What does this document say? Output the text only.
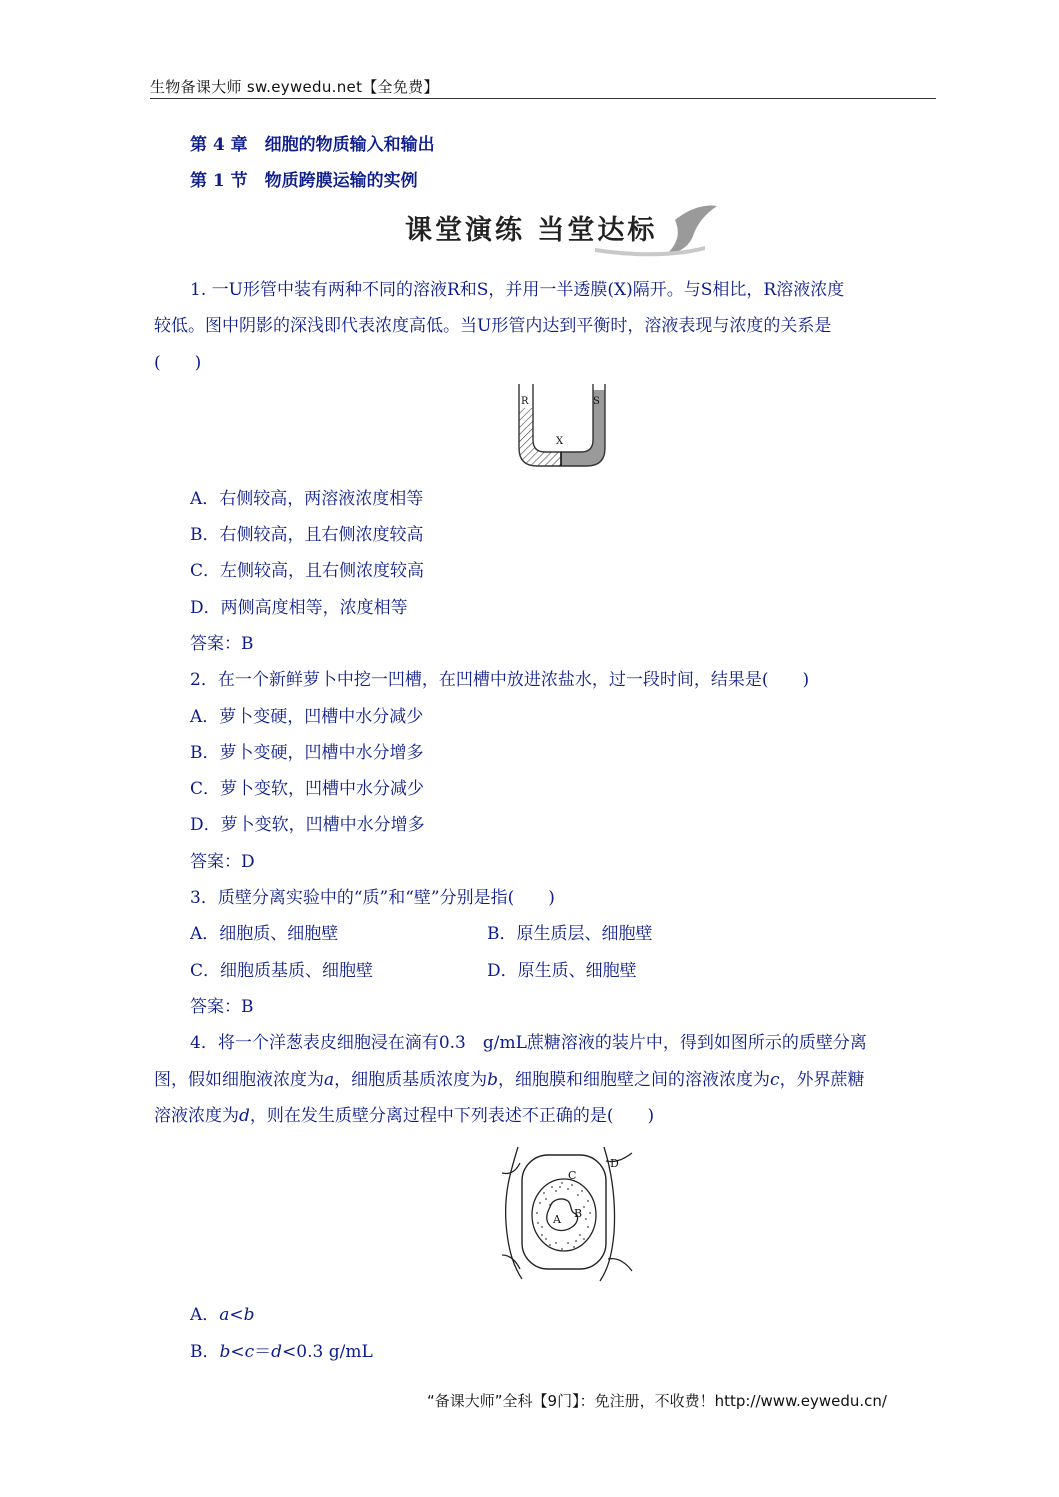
生物备课大师 sw.eywedu.net【全免费】
第 4 章　细胞的物质输入和输出
第 1 节　物质跨膜运输的实例
课堂演练 当堂达标
1. 一U形管中装有两种不同的溶液R和S，并用一半透膜(X)隔开。与S相比，R溶液浓度
较低。图中阴影的深浅即代表浓度高低。当U形管内达到平衡时，溶液表现与浓度的关系是
(　　)
R	S
X
A．右侧较高，两溶液浓度相等
B．右侧较高，且右侧浓度较高
C．左侧较高，且右侧浓度较高
D．两侧高度相等，浓度相等
答案：B
2．在一个新鲜萝卜中挖一凹槽，在凹槽中放进浓盐水，过一段时间，结果是(　　)
A．萝卜变硬，凹槽中水分减少
B．萝卜变硬，凹槽中水分增多
C．萝卜变软，凹槽中水分减少
D．萝卜变软，凹槽中水分增多
答案：D
3．质壁分离实验中的“质”和“壁”分别是指(　　)
A．细胞质、细胞壁	B．原生质层、细胞壁
C．细胞质基质、细胞壁	D．原生质、细胞壁
答案：B
4．将一个洋葱表皮细胞浸在滴有0.3　g/mL蔗糖溶液的装片中，得到如图所示的质壁分离
图，假如细胞液浓度为a，细胞质基质浓度为b，细胞膜和细胞壁之间的溶液浓度为c，外界蔗糖
溶液浓度为d，则在发生质壁分离过程中下列表述不正确的是(　　)
A B
C
D
A．a<b
B．b<c＝d<0.3 g/mL
“备课大师”全科【9门】：免注册，不收费！http://www.eywedu.cn/
